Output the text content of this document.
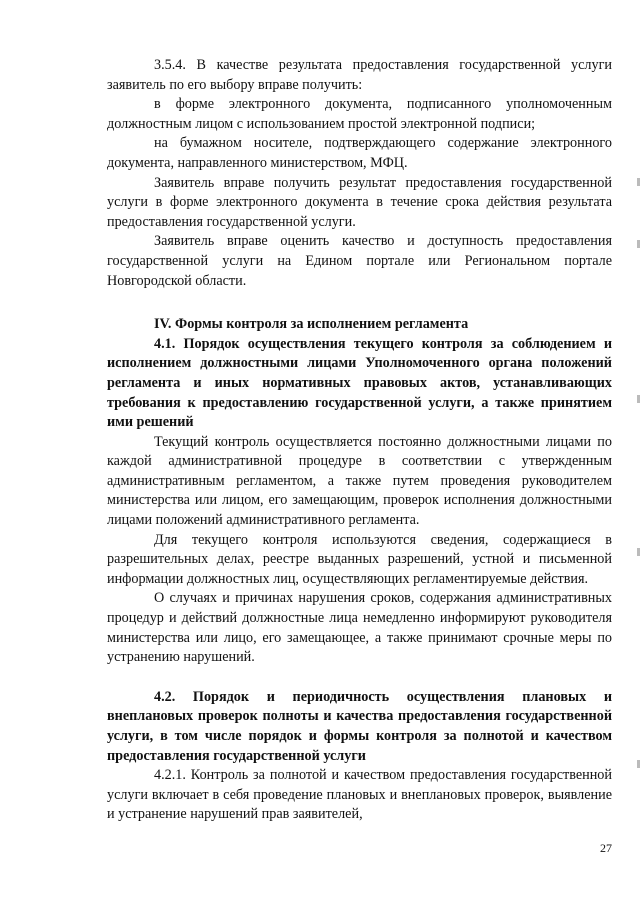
3.5.4. В качестве результата предоставления государственной услуги заявитель по его выбору вправе получить:

в форме электронного документа, подписанного уполномоченным должностным лицом с использованием простой электронной подписи;

на бумажном носителе, подтверждающего содержание электронного документа, направленного министерством, МФЦ.

Заявитель вправе получить результат предоставления государственной услуги в форме электронного документа в течение срока действия результата предоставления государственной услуги.

Заявитель вправе оценить качество и доступность предоставления государственной услуги на Едином портале или Региональном портале Новгородской области.

IV. Формы контроля за исполнением регламента

4.1. Порядок осуществления текущего контроля за соблюдением и исполнением должностными лицами Уполномоченного органа положений регламента и иных нормативных правовых актов, устанавливающих требования к предоставлению государственной услуги, а также принятием ими решений

Текущий контроль осуществляется постоянно должностными лицами по каждой административной процедуре в соответствии с утвержденным административным регламентом, а также путем проведения руководителем министерства или лицом, его замещающим, проверок исполнения должностными лицами положений административного регламента.

Для текущего контроля используются сведения, содержащиеся в разрешительных делах, реестре выданных разрешений, устной и письменной информации должностных лиц, осуществляющих регламентируемые действия.

О случаях и причинах нарушения сроков, содержания административных процедур и действий должностные лица немедленно информируют руководителя министерства или лицо, его замещающее, а также принимают срочные меры по устранению нарушений.

4.2. Порядок и периодичность осуществления плановых и внеплановых проверок полноты и качества предоставления государственной услуги, в том числе порядок и формы контроля за полнотой и качеством предоставления государственной услуги

4.2.1. Контроль за полнотой и качеством предоставления государственной услуги включает в себя проведение плановых и внеплановых проверок, выявление и устранение нарушений прав заявителей,

27
